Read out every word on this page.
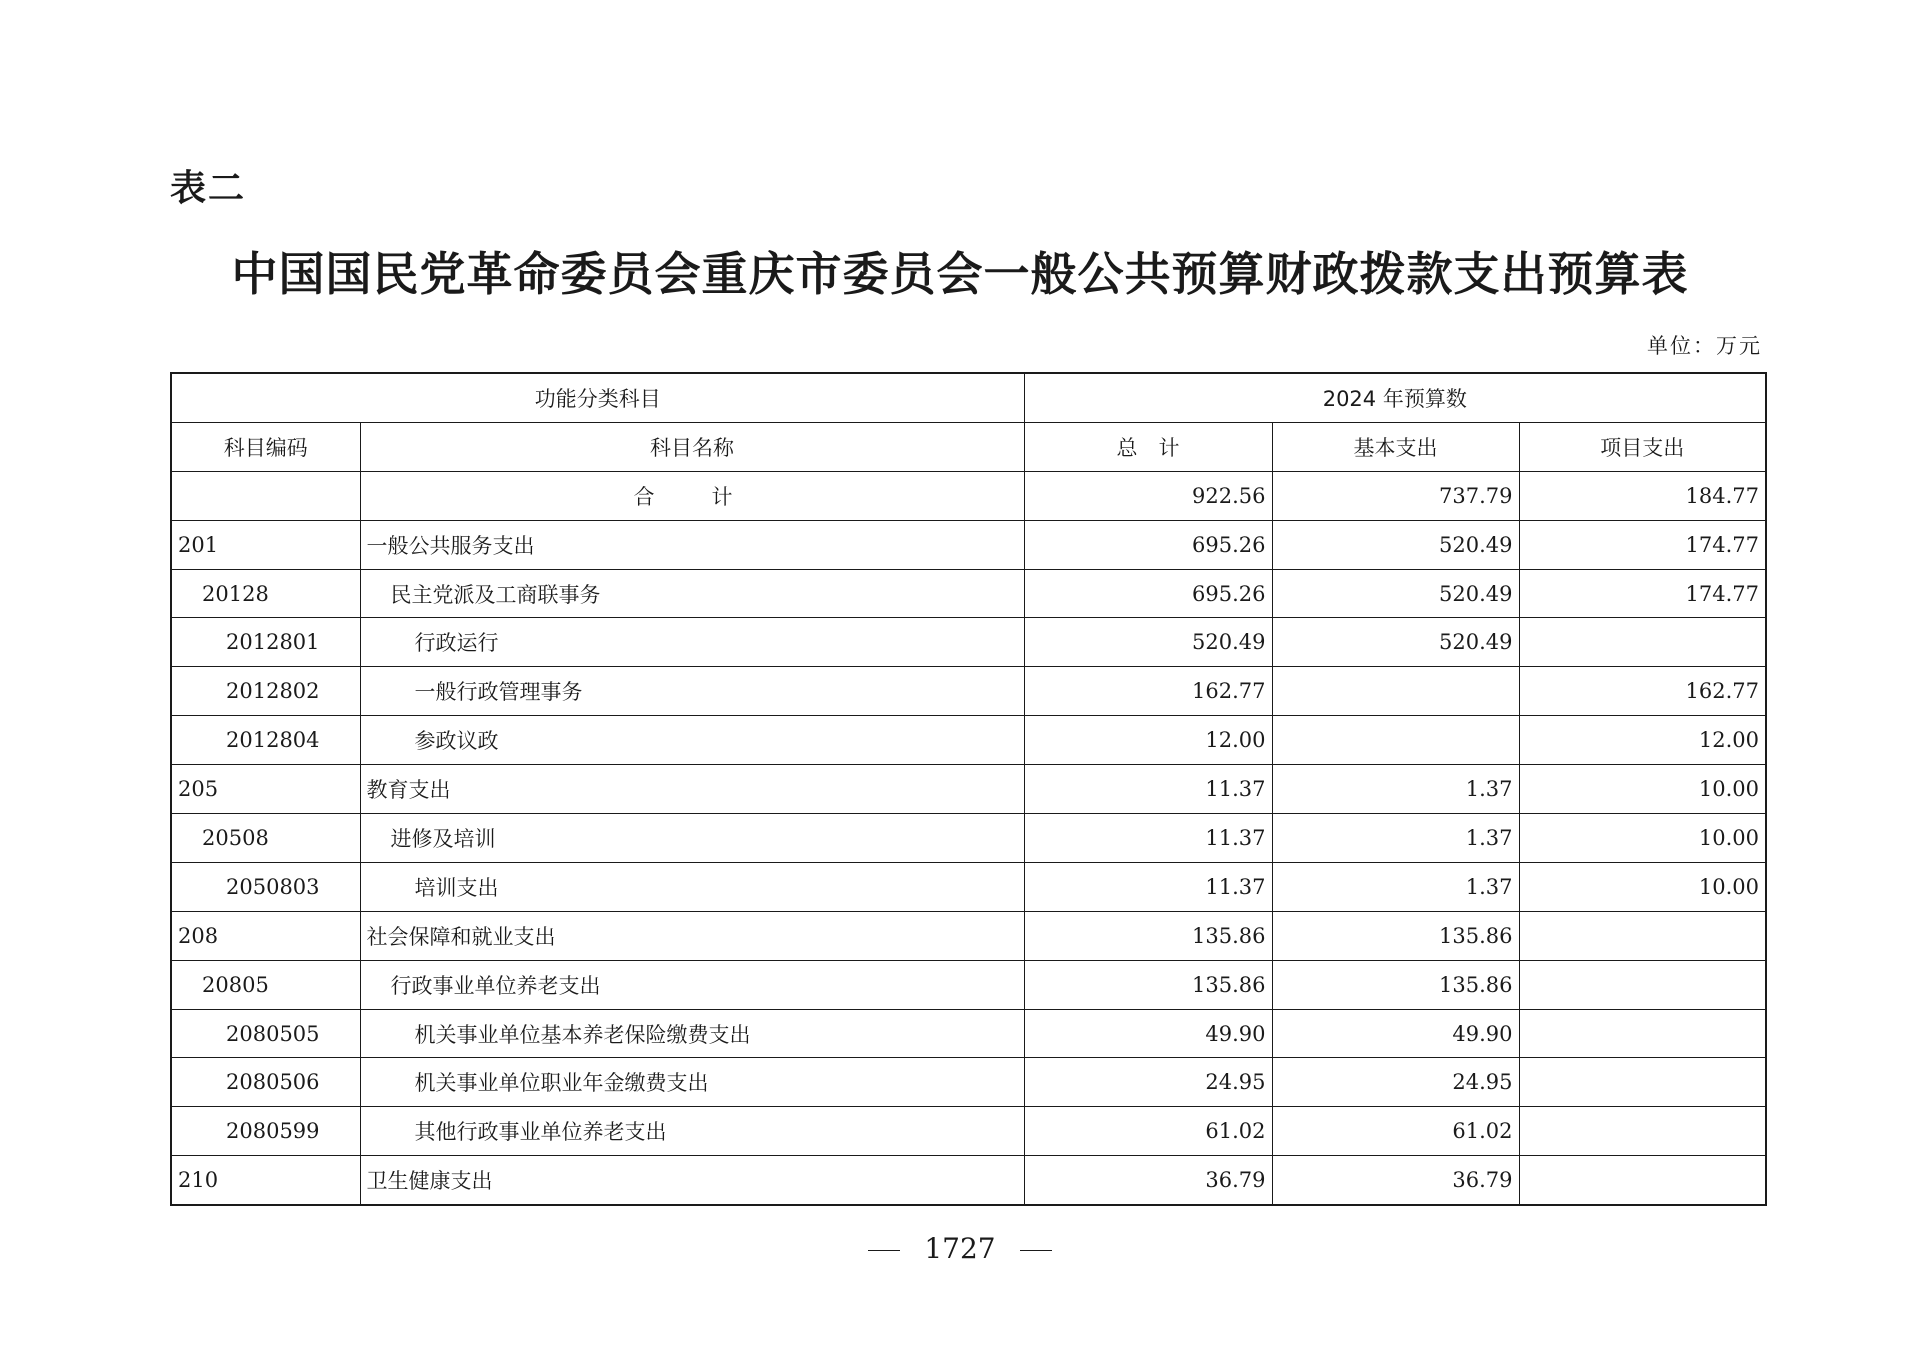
表二
中国国民党革命委员会重庆市委员会一般公共预算财政拨款支出预算表
单位：万元
功能分类科目		2024 年预算数		
科目编码	科目名称	总　计	基本支出	项目支出
	合　计	922.56	737.79	184.77
201	一般公共服务支出	695.26	520.49	174.77
20128	民主党派及工商联事务	695.26	520.49	174.77
2012801	行政运行	520.49	520.49	
2012802	一般行政管理事务	162.77		162.77
2012804	参政议政	12.00		12.00
205	教育支出	11.37	1.37	10.00
20508	进修及培训	11.37	1.37	10.00
2050803	培训支出	11.37	1.37	10.00
208	社会保障和就业支出	135.86	135.86	
20805	行政事业单位养老支出	135.86	135.86	
2080505	机关事业单位基本养老保险缴费支出	49.90	49.90	
2080506	机关事业单位职业年金缴费支出	24.95	24.95	
2080599	其他行政事业单位养老支出	61.02	61.02	
210	卫生健康支出	36.79	36.79	
1727
